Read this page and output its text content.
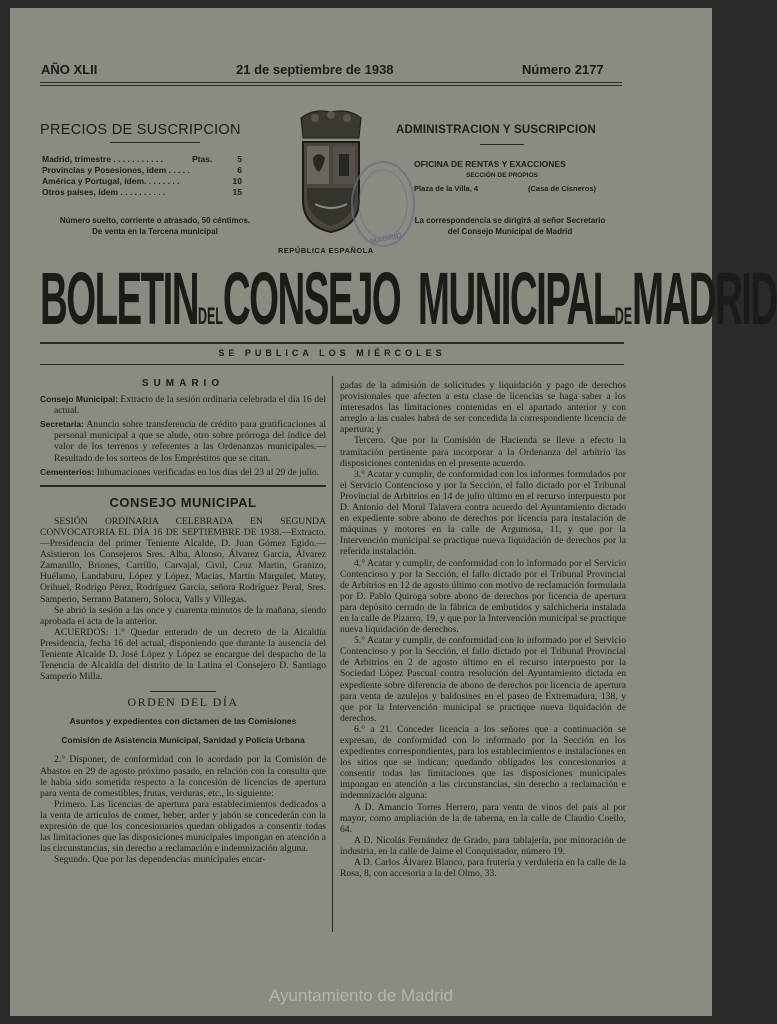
AÑO XLII	21 de septiembre de 1938	Número 2177
PRECIOS DE SUSCRIPCION
Madrid, trimestre . . . . . . . . . . .	Ptas.	5
Provincias y Posesiones, ídem . . . . .	6
América y Portugal, ídem. . . . . . . .	10
Otros países, ídem . . . . . . . . . .	15
Número suelto, corriente o atrasado, 50 céntimos.
De venta en la Tercena municipal
REPÚBLICA ESPAÑOLA
MADRID
ADMINISTRACION Y SUSCRIPCION
OFICINA DE RENTAS Y EXACCIONES
SECCIÓN DE PROPIOS
Plaza de la Villa, 4	(Casa de Cisneros)
La correspondencia se dirigirá al señor Secretario
del Consejo Municipal de Madrid
BOLETINDELCONSEJO  MUNICIPALDEMADRID
SE PUBLICA LOS MIÉRCOLES
SUMARIO

Consejo Municipal: Extracto de la sesión ordinaria celebrada el día 16 del actual.

Secretaría: Anuncio sobre transferencia de crédito para gratificaciones al personal municipal a que se alude, otro sobre prórroga del índice del valor de los terrenos y referentes a las Ordenanzas municipales.—Resultado de los sorteos de los Empréstitos que se citan.

Cementerios: Inhumaciones verificadas en los días del 23 al 29 de julio.

CONSEJO MUNICIPAL

SESIÓN ORDINARIA CELEBRADA EN SEGUNDA CONVOCATORIA EL DÍA 16 DE SEPTIEMBRE DE 1938.—Extracto.—Presidencia del primer Teniente Alcalde, D. Juan Gómez Egido.—Asistieron los Consejeros Sres. Alba, Alonso, Álvarez García, Álvarez Zamanillo, Briones, Carrillo, Carvajal, Civil, Cruz Martín, Granizo, Huélamo, Landaburu, López y López, Macías, Martín Margulet, Matey, Orihuel, Rodrigo Pérez, Rodríguez García, señora Rodríguez Peral, Sres. Samperio, Serrano Batanero, Soloca, Valls y Villegas.

Se abrió la sesión a las once y cuarenta minutos de la mañana, siendo aprobada el acta de la anterior.

ACUERDOS: 1.° Quedar enterado de un decreto de la Alcaldía Presidencia, fecha 16 del actual, disponiendo que durante la ausencia del Teniente Alcalde D. José López y López se encargue del despacho de la Tenencia de Alcaldía del distrito de la Latina el Consejero D. Santiago Samperio Milla.

ORDEN DEL DÍA
Asuntos y expedientes con dictamen de las Comisiones
Comisión de Asistencia Municipal, Sanidad y Policía Urbana

2.° Disponer, de conformidad con lo acordado por la Comisión de Abastos en 29 de agosto próximo pasado, en relación con la consulta que le había sido sometida respecto a la concesión de licencias de apertura para venta de comestibles, frutas, verduras, etc., lo siguiente:

Primero. Las licencias de apertura para establecimientos dedicados a la venta de artículos de comer, beber, arder y jabón se concederán con la expresión de que los concesionarios quedan obligados a consentir todas las limitaciones que las disposiciones municipales impongan en atención a las circunstancias, sin derecho a reclamación e indemnización alguna.

Segundo. Que por las dependencias municipales encar-

gadas de la admisión de solicitudes y liquidación y pago de derechos provisionales que afecten a esta clase de licencias se haga saber a los interesados las limitaciones contenidas en el apartado anterior y con arreglo a las cuales habrá de ser concedida la correspondiente licencia de apertura; y

Tercero. Que por la Comisión de Hacienda se lleve a efecto la tramitación pertinente para incorporar a la Ordenanza del arbitrio las disposiciones contenidas en el presente acuerdo.

3.° Acatar y cumplir, de conformidad con los informes formulados por el Servicio Contencioso y por la Sección, el fallo dictado por el Tribunal Provincial de Arbitrios en 14 de julio último en el recurso interpuesto por D. Antonio del Moral Talavera contra acuerdo del Ayuntamiento dictado en expediente sobre abono de derechos por licencia para instalación de máquinas y motores en la calle de Argumosa, 11, y que por la Intervención municipal se practique nueva liquidación de derechos por la referida instalación.

4.° Acatar y cumplir, de conformidad con lo informado por el Servicio Contencioso y por la Sección, el fallo dictado por el Tribunal Provincial de Arbitrios en 12 de agosto último con motivo de reclamación formulada por D. Pablo Quiroga sobre abono de derechos por licencia de apertura para depósito cerrado de la fábrica de embutidos y salchichería instalada en la calle de Pizarro, 19, y que por la Intervención municipal se practique nueva liquidación de derechos.

5.° Acatar y cumplir, de conformidad con lo informado por el Servicio Contencioso y por la Sección, el fallo dictado por el Tribunal Provincial de Arbitrios en 2 de agosto último en el recurso interpuesto por la Sociedad López Pascual contra resolución del Ayuntamiento dictada en expediente sobre diferencia de abono de derechos por licencia de apertura para venta de azulejos y baldosines en el paseo de Extremadura, 138, y que por la Intervención municipal se practique nueva liquidación de derechos.

6.° a 21. Conceder licencia a los señores que a continuación se expresan, de conformidad con lo informado por la Sección en los expedientes correspondientes, para los establecimientos e instalaciones en los sitios que se indican; quedando obligados los concesionarios a consentir todas las limitaciones que las disposiciones municipales impongan en atención a las circunstancias, sin derecho a reclamación e indemnización alguna:

A D. Amancio Torres Herrero, para venta de vinos del país al por mayor, como ampliación de la de taberna, en la calle de Claudio Coello, 64.

A D. Nicolás Fernández de Grado, para tablajería, por minoración de industria, en la calle de Jaime el Conquistador, número 19.

A D. Carlos Álvarez Blanco, para frutería y verdulería en la calle de la Rosa, 8, con accesoria a la del Olmo, 33.

Ayuntamiento de Madrid
